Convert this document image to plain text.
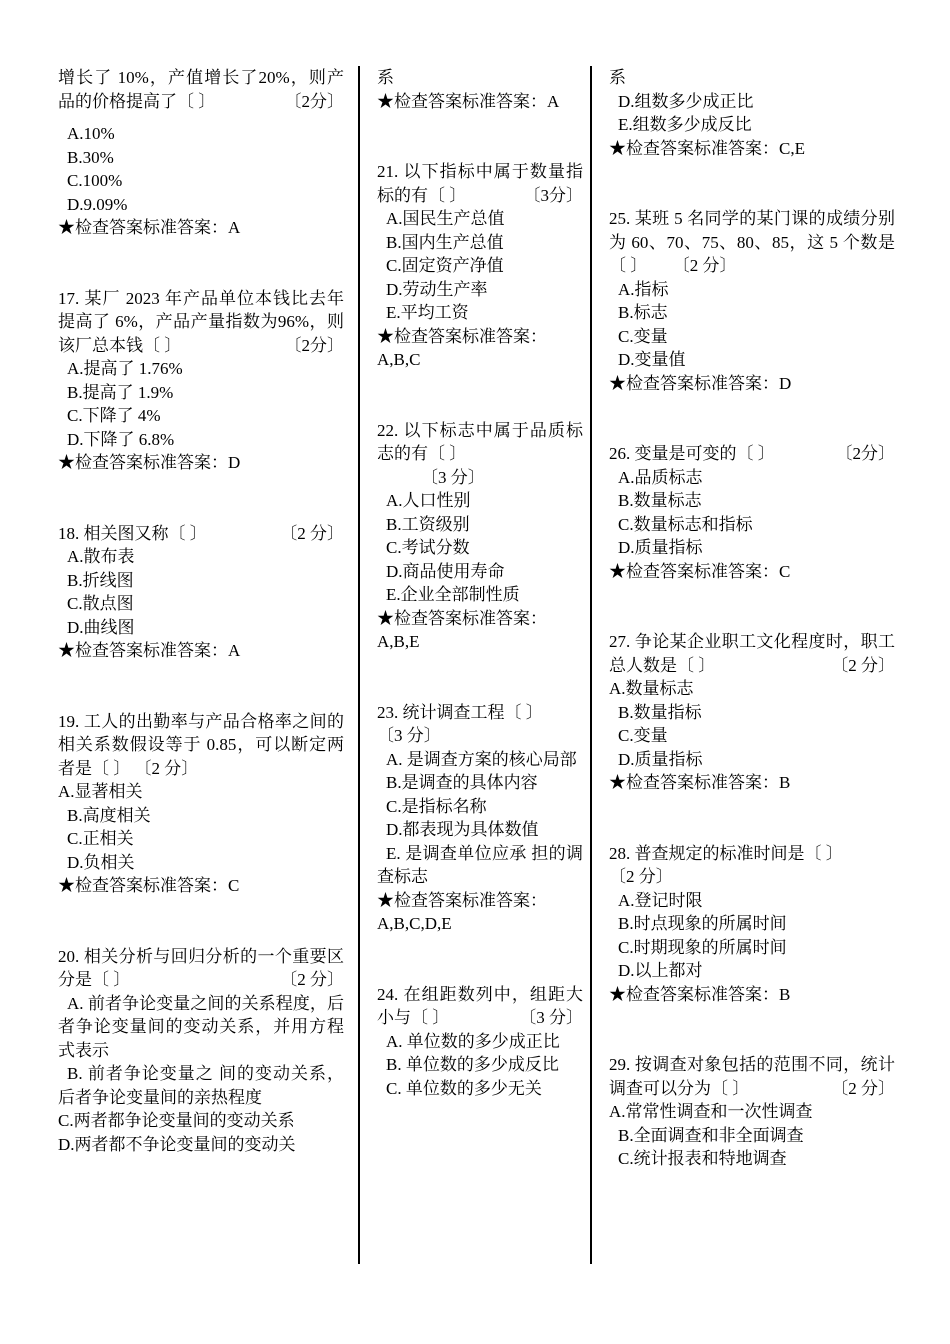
增长了 10%，产值增长了20%，则产品的价格提高了〔 〕	〔2分〕
A.10%
B.30%
C.100%
D.9.09%
★检查答案标准答案：A
17. 某厂 2023 年产品单位本钱比去年提高了 6%，产品产量指数为96%，则该厂总本钱〔 〕	〔2分〕
A.提高了 1.76%
B.提高了 1.9%
C.下降了 4%
D.下降了 6.8%
★检查答案标准答案：D
18. 相关图又称〔 〕	〔2 分〕
A.散布表
B.折线图
C.散点图
D.曲线图
★检查答案标准答案：A
19. 工人的出勤率与产品合格率之间的相关系数假设等于 0.85，可以断定两者是〔 〕 〔2 分〕
A.显著相关
B.高度相关
C.正相关
D.负相关
★检查答案标准答案：C
20. 相关分析与回归分析的一个重要区分是〔 〕	〔2 分〕
A. 前者争论变量之间的关系程度，后者争论变量间的变动关系，并用方程式表示
B. 前者争论变量之 间的变动关系，后者争论变量间的亲热程度
C.两者都争论变量间的变动关系
D.两者都不争论变量间的变动关
系
★检查答案标准答案：A
21. 以下指标中属于数量指标的有〔 〕	〔3分〕
A.国民生产总值
B.国内生产总值
C.固定资产净值
D.劳动生产率
E.平均工资
★检查答案标准答案：A,B,C
22. 以下标志中属于品质标志的有〔 〕
〔3 分〕
A.人口性别
B.工资级别
C.考试分数
D.商品使用寿命
E.企业全部制性质
★检查答案标准答案：A,B,E
23. 统计调查工程〔 〕
〔3 分〕
A. 是调查方案的核心局部
B.是调查的具体内容
C.是指标名称
D.都表现为具体数值
E. 是调查单位应承 担的调查标志
★检查答案标准答案：A,B,C,D,E
24. 在组距数列中，组距大小与〔 〕	〔3 分〕
A. 单位数的多少成正比
B. 单位数的多少成反比
C. 单位数的多少无关
系
D.组数多少成正比
E.组数多少成反比
★检查答案标准答案：C,E
25. 某班 5 名同学的某门课的成绩分别为 60、70、75、80、85，这 5 个数是〔 〕 〔2 分〕
A.指标
B.标志
C.变量
D.变量值
★检查答案标准答案：D
26. 变量是可变的〔 〕	〔2分〕
A.品质标志
B.数量标志
C.数量标志和指标
D.质量指标
★检查答案标准答案：C
27. 争论某企业职工文化程度时，职工总人数是〔 〕	〔2 分〕
A.数量标志
B.数量指标
C.变量
D.质量指标
★检查答案标准答案：B
28. 普查规定的标准时间是〔 〕
〔2 分〕
A.登记时限
B.时点现象的所属时间
C.时期现象的所属时间
D.以上都对
★检查答案标准答案：B
29. 按调查对象包括的范围不同，统计调查可以分为〔 〕	〔2 分〕
A.常常性调查和一次性调查
B.全面调查和非全面调查
C.统计报表和特地调查
